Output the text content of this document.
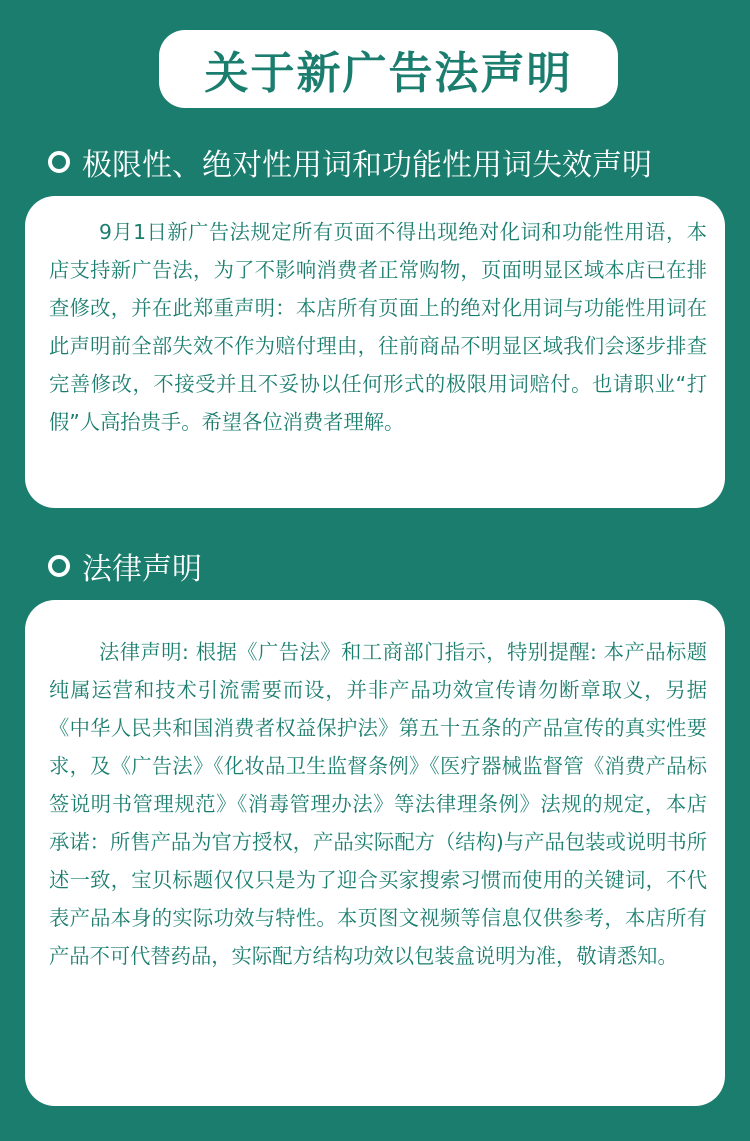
关于新广告法声明
极限性、绝对性用词和功能性用词失效声明

9月1日新广告法规定所有页面不得出现绝对化词和功能性用语，本店支持新广告法，为了不影响消费者正常购物，页面明显区域本店已在排查修改，并在此郑重声明：本店所有页面上的绝对化用词与功能性用词在此声明前全部失效不作为赔付理由，往前商品不明显区域我们会逐步排查完善修改，不接受并且不妥协以任何形式的极限用词赔付。也请职业“打假”人高抬贵手。希望各位消费者理解。

法律声明

法律声明: 根据《广告法》和工商部门指示，特别提醒: 本产品标题纯属运营和技术引流需要而设，并非产品功效宣传请勿断章取义，另据《中华人民共和国消费者权益保护法》第五十五条的产品宣传的真实性要求，及《广告法》《化妆品卫生监督条例》《医疗器械监督管《消费产品标签说明书管理规范》《消毒管理办法》等法律理条例》法规的规定，本店承诺：所售产品为官方授权，产品实际配方（结构)与产品包装或说明书所述一致，宝贝标题仅仅只是为了迎合买家搜索习惯而使用的关键词，不代表产品本身的实际功效与特性。本页图文视频等信息仅供参考，本店所有产品不可代替药品，实际配方结构功效以包装盒说明为准，敬请悉知。
